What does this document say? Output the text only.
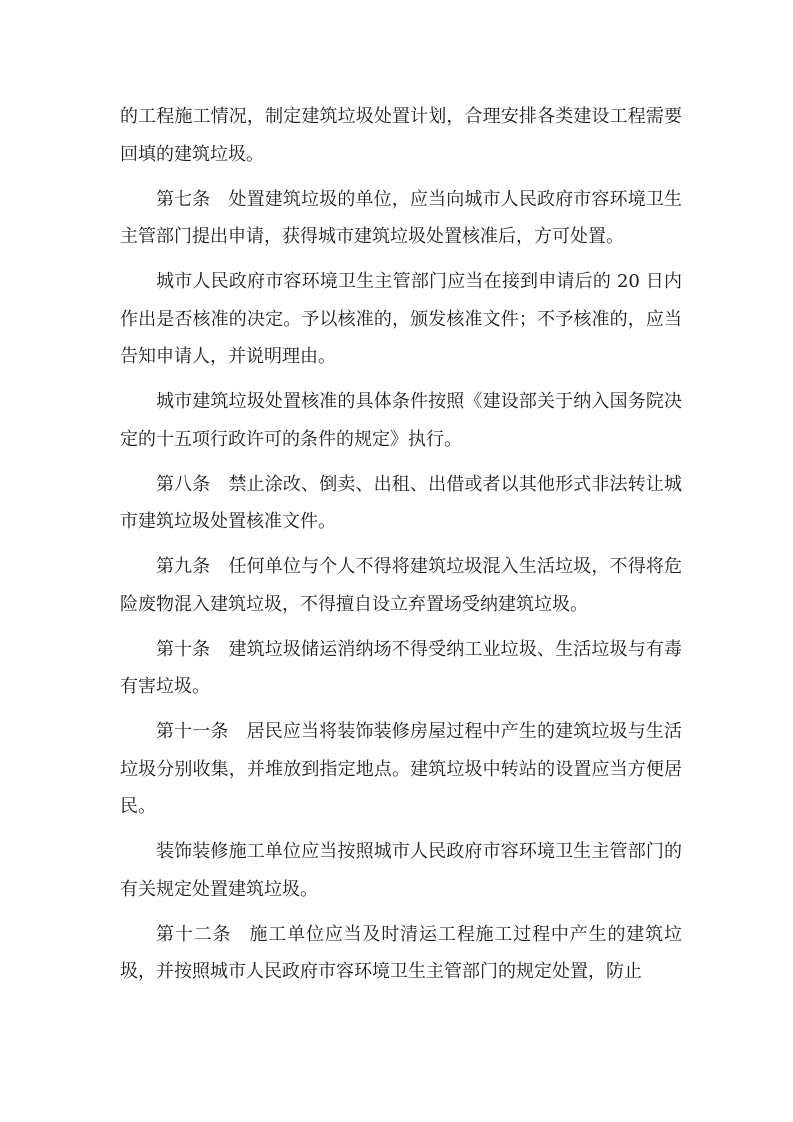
的工程施工情况，制定建筑垃圾处置计划，合理安排各类建设工程需要回填的建筑垃圾。

第七条 处置建筑垃圾的单位，应当向城市人民政府市容环境卫生主管部门提出申请，获得城市建筑垃圾处置核准后，方可处置。

城市人民政府市容环境卫生主管部门应当在接到申请后的 20 日内作出是否核准的决定。予以核准的，颁发核准文件；不予核准的，应当告知申请人，并说明理由。

城市建筑垃圾处置核准的具体条件按照《建设部关于纳入国务院决定的十五项行政许可的条件的规定》执行。

第八条 禁止涂改、倒卖、出租、出借或者以其他形式非法转让城市建筑垃圾处置核准文件。

第九条 任何单位与个人不得将建筑垃圾混入生活垃圾，不得将危险废物混入建筑垃圾，不得擅自设立弃置场受纳建筑垃圾。

第十条 建筑垃圾储运消纳场不得受纳工业垃圾、生活垃圾与有毒有害垃圾。

第十一条 居民应当将装饰装修房屋过程中产生的建筑垃圾与生活垃圾分别收集，并堆放到指定地点。建筑垃圾中转站的设置应当方便居民。

装饰装修施工单位应当按照城市人民政府市容环境卫生主管部门的有关规定处置建筑垃圾。

第十二条 施工单位应当及时清运工程施工过程中产生的建筑垃圾，并按照城市人民政府市容环境卫生主管部门的规定处置，防止
